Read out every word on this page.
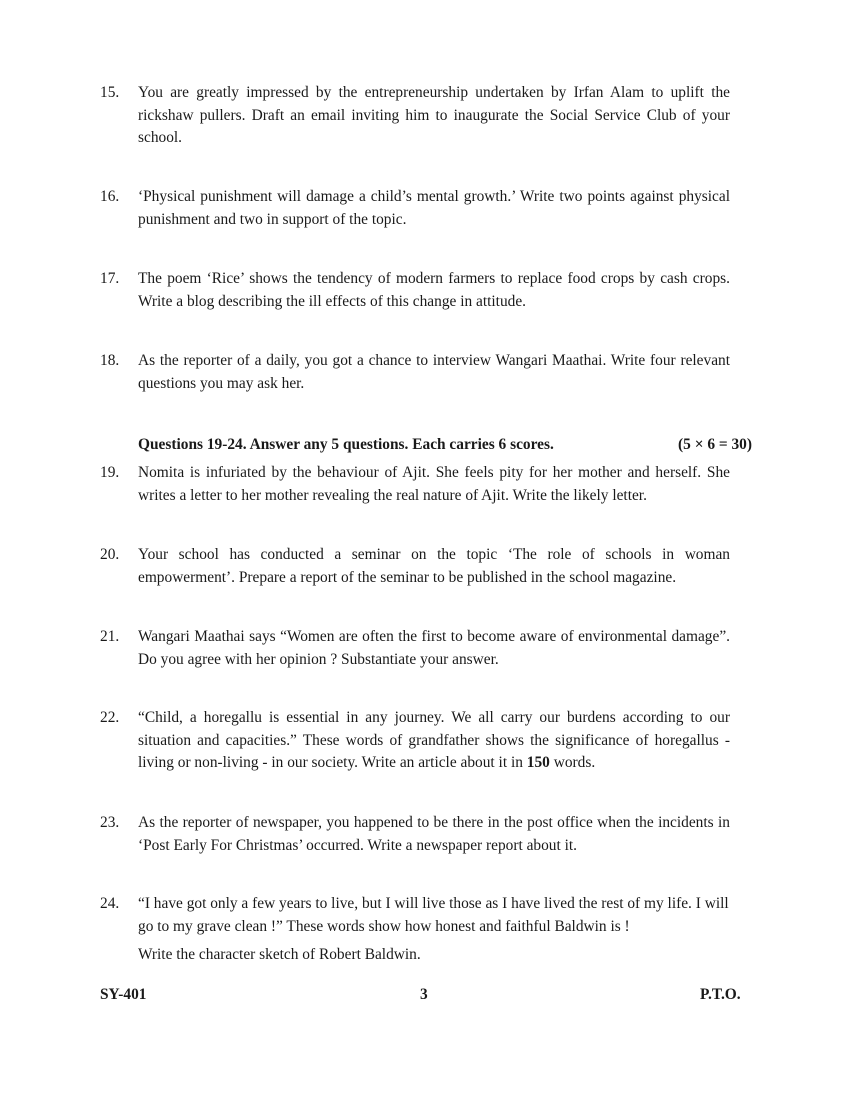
15.	You are greatly impressed by the entrepreneurship undertaken by Irfan Alam to uplift the rickshaw pullers. Draft an email inviting him to inaugurate the Social Service Club of your school.
16.	‘Physical punishment will damage a child’s mental growth.’ Write two points against physical punishment and two in support of the topic.
17.	The poem ‘Rice’ shows the tendency of modern farmers to replace food crops by cash crops. Write a blog describing the ill effects of this change in attitude.
18.	As the reporter of a daily, you got a chance to interview Wangari Maathai. Write four relevant questions you may ask her.
Questions 19-24. Answer any 5 questions. Each carries 6 scores.	(5 × 6 = 30)
19.	Nomita is infuriated by the behaviour of Ajit. She feels pity for her mother and herself. She writes a letter to her mother revealing the real nature of Ajit. Write the likely letter.
20.	Your school has conducted a seminar on the topic ‘The role of schools in woman empowerment’. Prepare a report of the seminar to be published in the school magazine.
21.	Wangari Maathai says “Women are often the first to become aware of environmental damage”. Do you agree with her opinion ? Substantiate your answer.
22.	“Child, a horegallu is essential in any journey. We all carry our burdens according to our situation and capacities.” These words of grandfather shows the significance of horegallus - living or non-living - in our society. Write an article about it in 150 words.
23.	As the reporter of newspaper, you happened to be there in the post office when the incidents in ‘Post Early For Christmas’ occurred. Write a newspaper report about it.
24.	“I have got only a few years to live, but I will live those as I have lived the rest of my life. I will go to my grave clean !” These words show how honest and faithful Baldwin is !
Write the character sketch of Robert Baldwin.
SY-401	3	P.T.O.
